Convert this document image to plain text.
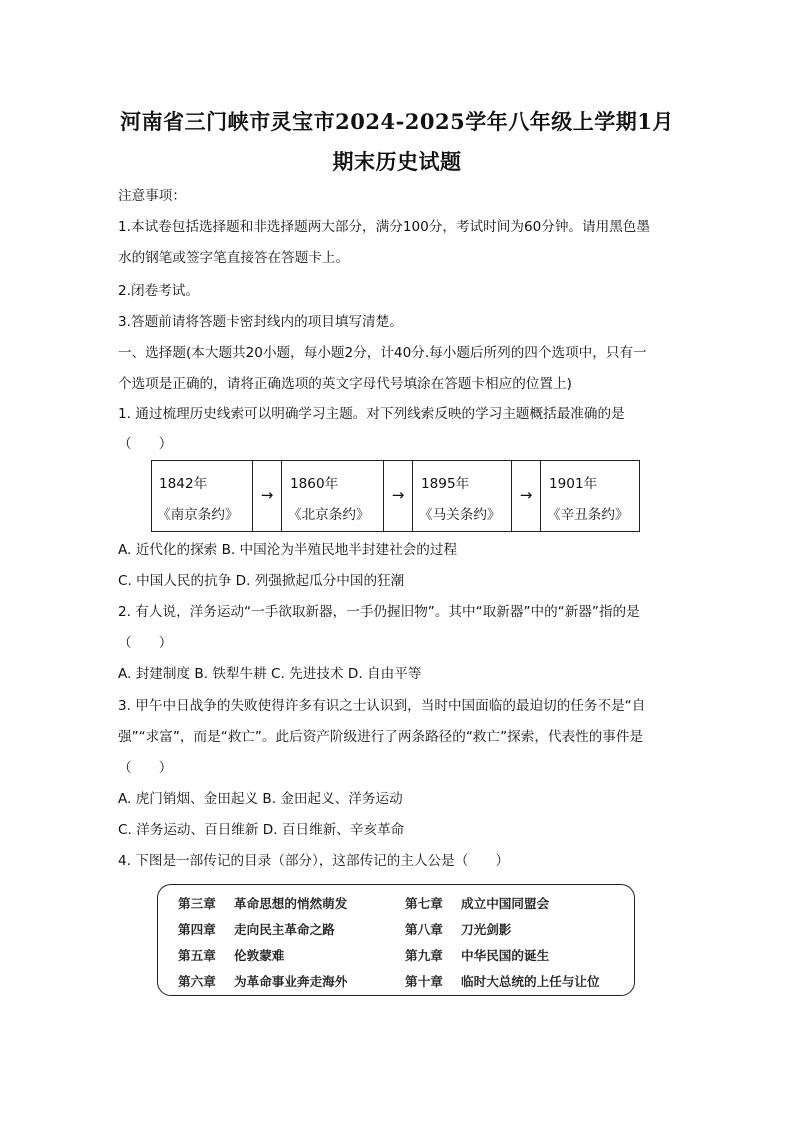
河南省三门峡市灵宝市2024-2025学年八年级上学期1月
期末历史试题
注意事项：
1.本试卷包括选择题和非选择题两大部分，满分100分，考试时间为60分钟。请用黑色墨
水的钢笔或签字笔直接答在答题卡上。
2.闭卷考试。
3.答题前请将答题卡密封线内的项目填写清楚。
一、选择题(本大题共20小题，每小题2分，计40分.每小题后所列的四个选项中，只有一
个选项是正确的，请将正确选项的英文字母代号填涂在答题卡相应的位置上)
1. 通过梳理历史线索可以明确学习主题。对下列线索反映的学习主题概括最准确的是
（　　）
1842年
《南京条约》
→
1860年
《北京条约》
→
1895年
《马关条约》
→
1901年
《辛丑条约》
A. 近代化的探索 B. 中国沦为半殖民地半封建社会的过程
C. 中国人民的抗争 D. 列强掀起瓜分中国的狂潮
2. 有人说，洋务运动“一手欲取新器，一手仍握旧物”。其中“取新器”中的“新器”指的是
（　　）
A. 封建制度 B. 铁犁牛耕 C. 先进技术 D. 自由平等
3. 甲午中日战争的失败使得许多有识之士认识到，当时中国面临的最迫切的任务不是“自
强”“求富”，而是“救亡”。此后资产阶级进行了两条路径的“救亡”探索，代表性的事件是
（　　）
A. 虎门销烟、金田起义 B. 金田起义、洋务运动
C. 洋务运动、百日维新 D. 百日维新、辛亥革命
4. 下图是一部传记的目录（部分），这部传记的主人公是（　　）
第三章 革命思想的悄然萌发
第四章 走向民主革命之路
第五章 伦敦蒙难
第六章 为革命事业奔走海外
第七章 成立中国同盟会
第八章 刀光剑影
第九章 中华民国的诞生
第十章 临时大总统的上任与让位
